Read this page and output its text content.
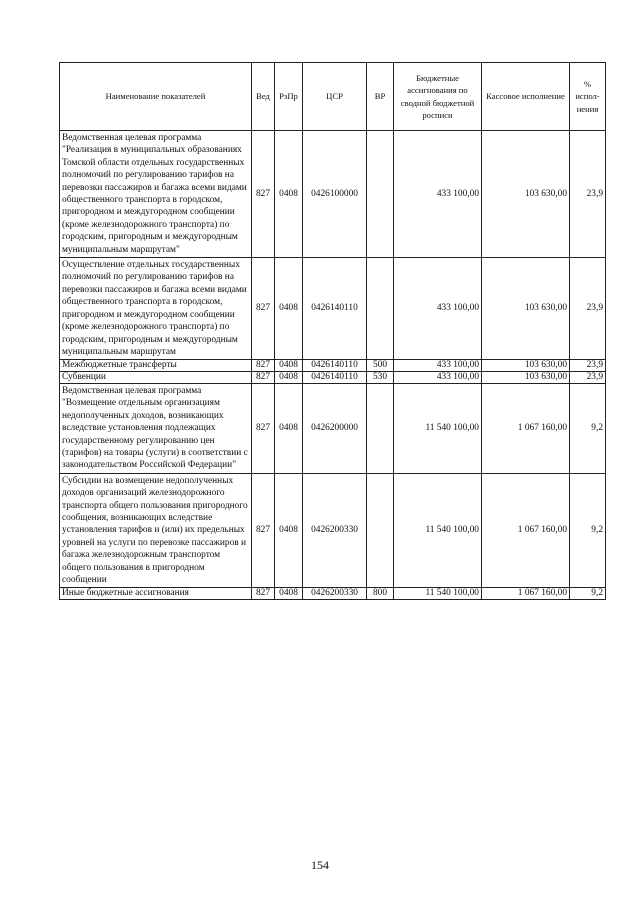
Наименование показателей	Вед	РзПр	ЦСР	ВР	Бюджетные ассигнования по сводной бюджетной росписи	Кассовое исполнение	% испол-нения
Ведомственная целевая программа "Реализация в муниципальных образованиях Томской области отдельных государственных полномочий по регулированию тарифов на перевозки пассажиров и багажа всеми видами общественного транспорта в городском, пригородном и междугородном сообщении (кроме железнодорожного транспорта) по городским, пригородным и междугородным муниципальным маршрутам"	827	0408	0426100000		433 100,00	103 630,00	23,9
Осуществление отдельных государственных полномочий по регулированию тарифов на перевозки пассажиров и багажа всеми видами общественного транспорта в городском, пригородном и междугородном сообщении (кроме железнодорожного транспорта) по городским, пригородным и междугородным муниципальным маршрутам	827	0408	0426140110		433 100,00	103 630,00	23,9
Межбюджетные трансферты	827	0408	0426140110	500	433 100,00	103 630,00	23,9
Субвенции	827	0408	0426140110	530	433 100,00	103 630,00	23,9
Ведомственная целевая программа "Возмещение отдельным организациям недополученных доходов, возникающих вследствие установления подлежащих государственному регулированию цен (тарифов) на товары (услуги) в соответствии с законодательством Российской Федерации"	827	0408	0426200000		11 540 100,00	1 067 160,00	9,2
Субсидии на возмещение недополученных доходов организаций железнодорожного транспорта общего пользования пригородного сообщения, возникающих вследствие установления тарифов и (или) их предельных уровней на услуги по перевозке пассажиров и багажа железнодорожным транспортом общего пользования в пригородном сообщении	827	0408	0426200330		11 540 100,00	1 067 160,00	9,2
Иные бюджетные ассигнования	827	0408	0426200330	800	11 540 100,00	1 067 160,00	9,2
154
